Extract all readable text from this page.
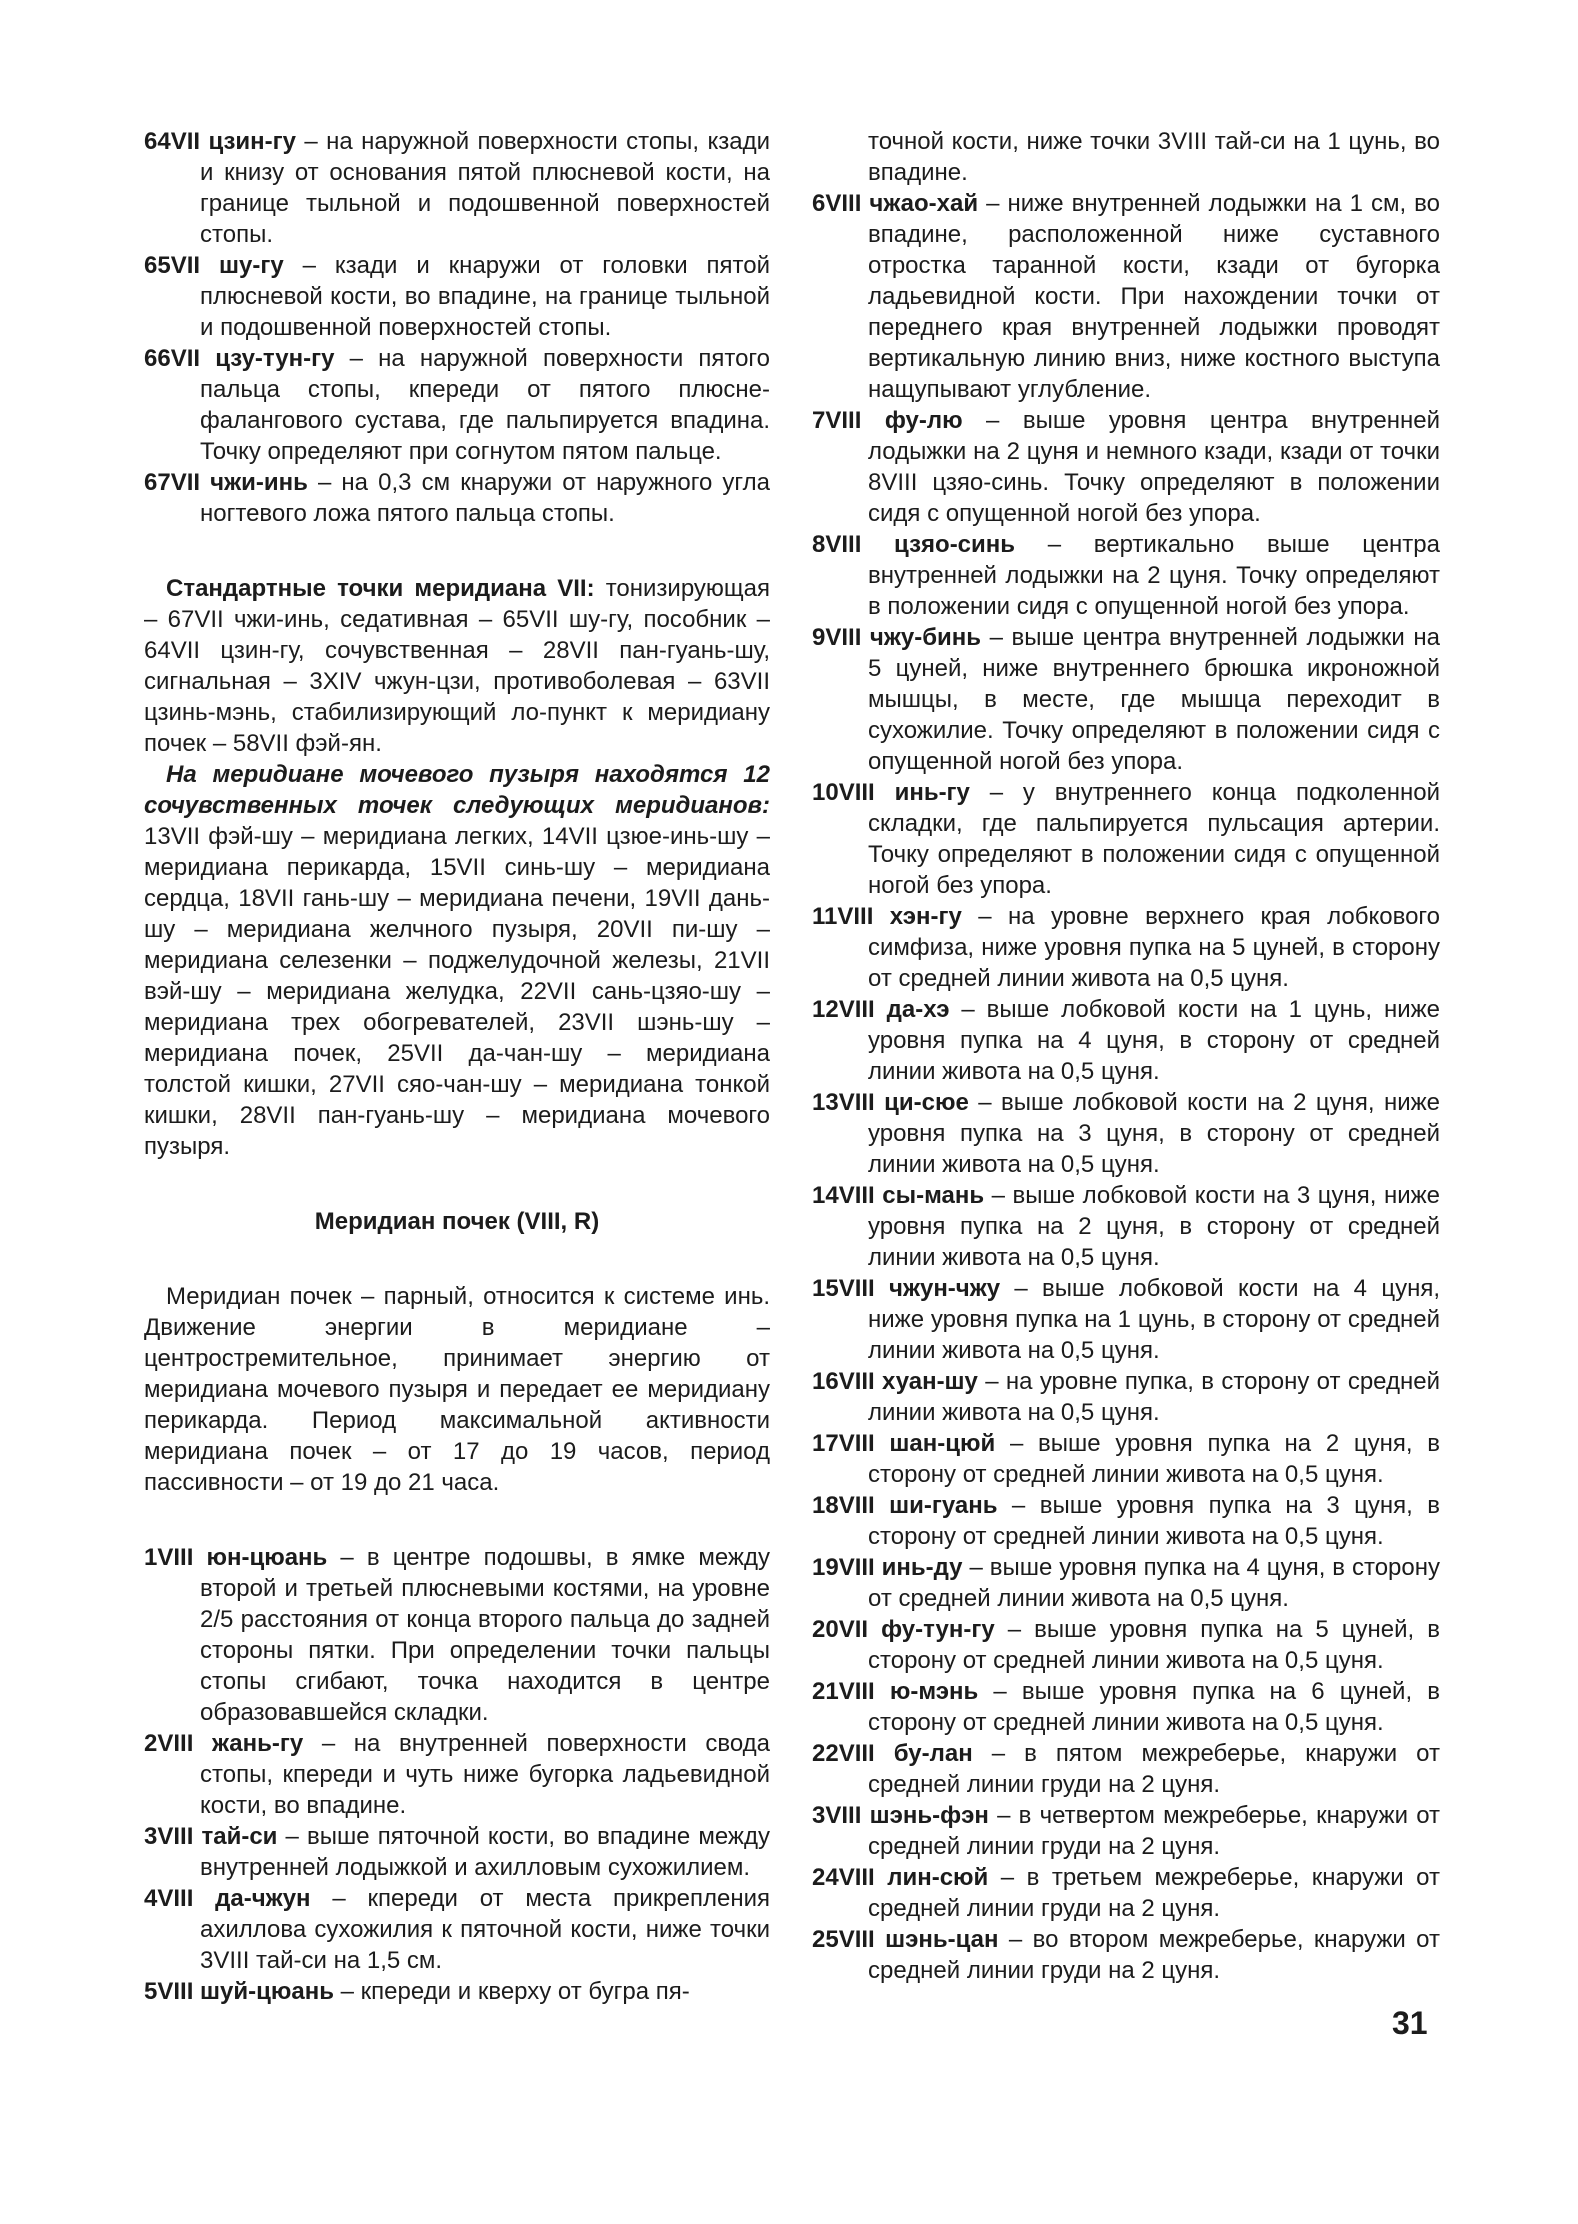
64VII цзин-гу – на наружной поверхности стопы, кзади и книзу от основания пятой плюсневой кости, на границе тыльной и подошвенной поверхностей стопы.

65VII шу-гу – кзади и кнаружи от головки пятой плюсневой кости, во впадине, на границе тыльной и подошвенной поверхностей стопы.

66VII цзу-тун-гу – на наружной поверхности пятого пальца стопы, кпереди от пятого плюсне-фалангового сустава, где пальпируется впадина. Точку определяют при согнутом пятом пальце.

67VII чжи-инь – на 0,3 см кнаружи от наружного угла ногтевого ложа пятого пальца стопы.

Стандартные точки меридиана VII: тонизирующая – 67VII чжи-инь, седативная – 65VII шу-гу, пособник – 64VII цзин-гу, сочувственная – 28VII пан-гуань-шу, сигнальная – 3XIV чжун-цзи, противоболевая – 63VII цзинь-мэнь, стабилизирующий ло-пункт к меридиану почек – 58VII фэй-ян.

На меридиане мочевого пузыря находятся 12 сочувственных точек следующих меридианов: 13VII фэй-шу – меридиана легких, 14VII цзюе-инь-шу – меридиана перикарда, 15VII синь-шу – меридиана сердца, 18VII гань-шу – меридиана печени, 19VII дань-шу – меридиана желчного пузыря, 20VII пи-шу – меридиана селезенки – поджелудочной железы, 21VII вэй-шу – меридиана желудка, 22VII сань-цзяо-шу – меридиана трех обогревателей, 23VII шэнь-шу – меридиана почек, 25VII да-чан-шу – меридиана толстой кишки, 27VII сяо-чан-шу – меридиана тонкой кишки, 28VII пан-гуань-шу – меридиана мочевого пузыря.

Меридиан почек (VIII, R)

Меридиан почек – парный, относится к системе инь. Движение энергии в меридиане – центростремительное, принимает энергию от меридиана мочевого пузыря и передает ее меридиану перикарда. Период максимальной активности меридиана почек – от 17 до 19 часов, период пассивности – от 19 до 21 часа.

1VIII юн-цюань – в центре подошвы, в ямке между второй и третьей плюсневыми костями, на уровне 2/5 расстояния от конца второго пальца до задней стороны пятки. При определении точки пальцы стопы сгибают, точка находится в центре образовавшейся складки.

2VIII жань-гу – на внутренней поверхности свода стопы, кпереди и чуть ниже бугорка ладьевидной кости, во впадине.

3VIII тай-си – выше пяточной кости, во впадине между внутренней лодыжкой и ахилловым сухожилием.

4VIII да-чжун – кпереди от места прикрепления ахиллова сухожилия к пяточной кости, ниже точки 3VIII тай-си на 1,5 см.

5VIII шуй-цюань – кпереди и кверху от бугра пя-

точной кости, ниже точки 3VIII тай-си на 1 цунь, во впадине.

6VIII чжао-хай – ниже внутренней лодыжки на 1 см, во впадине, расположенной ниже суставного отростка таранной кости, кзади от бугорка ладьевидной кости. При нахождении точки от переднего края внутренней лодыжки проводят вертикальную линию вниз, ниже костного выступа нащупывают углубление.

7VIII фу-лю – выше уровня центра внутренней лодыжки на 2 цуня и немного кзади, кзади от точки 8VIII цзяо-синь. Точку определяют в положении сидя с опущенной ногой без упора.

8VIII цзяо-синь – вертикально выше центра внутренней лодыжки на 2 цуня. Точку определяют в положении сидя с опущенной ногой без упора.

9VIII чжу-бинь – выше центра внутренней лодыжки на 5 цуней, ниже внутреннего брюшка икроножной мышцы, в месте, где мышца переходит в сухожилие. Точку определяют в положении сидя с опущенной ногой без упора.

10VIII инь-гу – у внутреннего конца подколенной складки, где пальпируется пульсация артерии. Точку определяют в положении сидя с опущенной ногой без упора.

11VIII хэн-гу – на уровне верхнего края лобкового симфиза, ниже уровня пупка на 5 цуней, в сторону от средней линии живота на 0,5 цуня.

12VIII да-хэ – выше лобковой кости на 1 цунь, ниже уровня пупка на 4 цуня, в сторону от средней линии живота на 0,5 цуня.

13VIII ци-сюе – выше лобковой кости на 2 цуня, ниже уровня пупка на 3 цуня, в сторону от средней линии живота на 0,5 цуня.

14VIII сы-мань – выше лобковой кости на 3 цуня, ниже уровня пупка на 2 цуня, в сторону от средней линии живота на 0,5 цуня.

15VIII чжун-чжу – выше лобковой кости на 4 цуня, ниже уровня пупка на 1 цунь, в сторону от средней линии живота на 0,5 цуня.

16VIII хуан-шу – на уровне пупка, в сторону от средней линии живота на 0,5 цуня.

17VIII шан-цюй – выше уровня пупка на 2 цуня, в сторону от средней линии живота на 0,5 цуня.

18VIII ши-гуань – выше уровня пупка на 3 цуня, в сторону от средней линии живота на 0,5 цуня.

19VIII инь-ду – выше уровня пупка на 4 цуня, в сторону от средней линии живота на 0,5 цуня.

20VII фу-тун-гу – выше уровня пупка на 5 цуней, в сторону от средней линии живота на 0,5 цуня.

21VIII ю-мэнь – выше уровня пупка на 6 цуней, в сторону от средней линии живота на 0,5 цуня.

22VIII бу-лан – в пятом межреберье, кнаружи от средней линии груди на 2 цуня.

3VIII шэнь-фэн – в четвертом межреберье, кнаружи от средней линии груди на 2 цуня.

24VIII лин-сюй – в третьем межреберье, кнаружи от средней линии груди на 2 цуня.

25VIII шэнь-цан – во втором межреберье, кнаружи от средней линии груди на 2 цуня.

31
